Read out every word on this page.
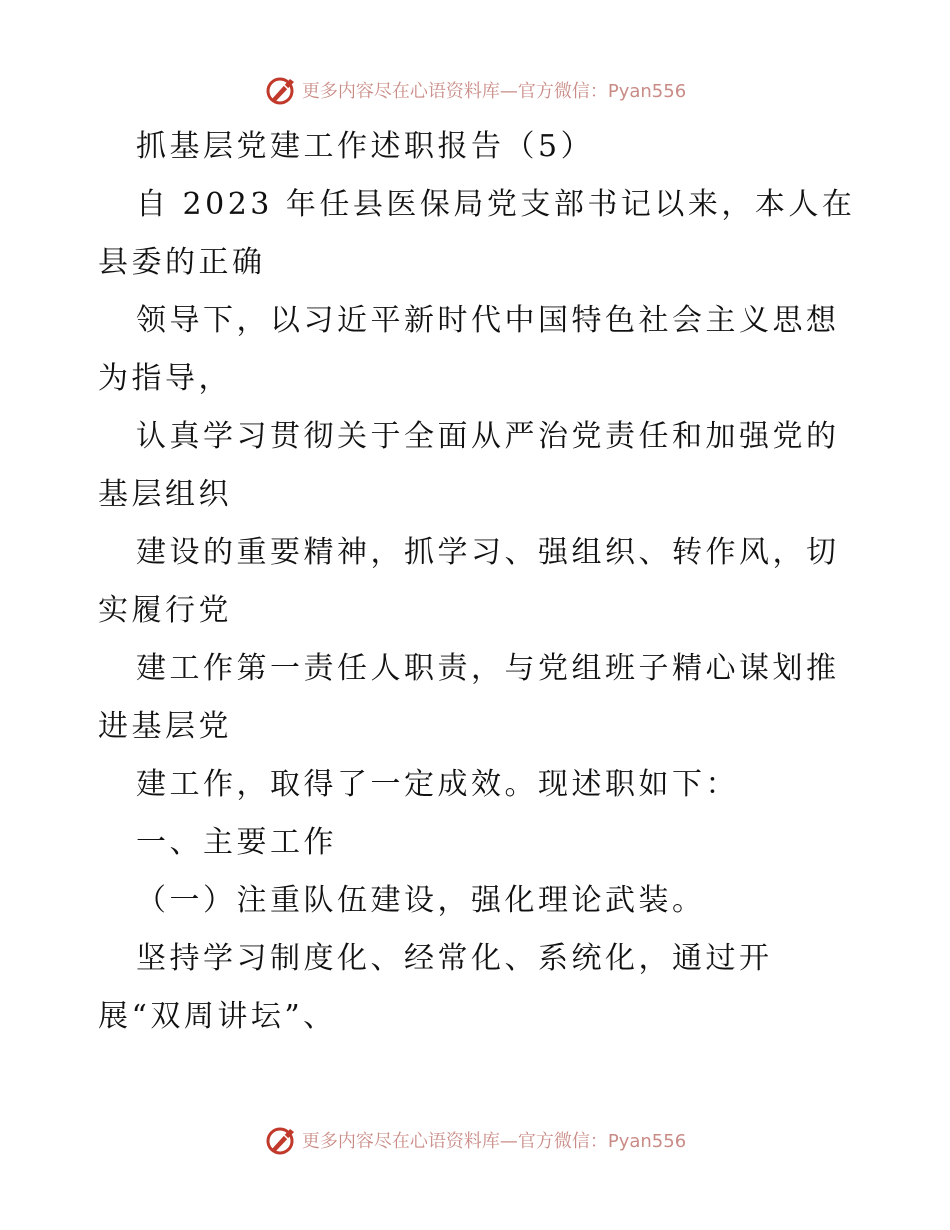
更多内容尽在心语资料库—官方微信：Pyan556
抓基层党建工作述职报告（5）
自 2023 年任县医保局党支部书记以来，本人在
县委的正确
领导下，以习近平新时代中国特色社会主义思想
为指导，
认真学习贯彻关于全面从严治党责任和加强党的
基层组织
建设的重要精神，抓学习、强组织、转作风，切
实履行党
建工作第一责任人职责，与党组班子精心谋划推
进基层党
建工作，取得了一定成效。现述职如下：
一、主要工作
（一）注重队伍建设，强化理论武装。
坚持学习制度化、经常化、系统化，通过开
展“双周讲坛”、
更多内容尽在心语资料库—官方微信：Pyan556
